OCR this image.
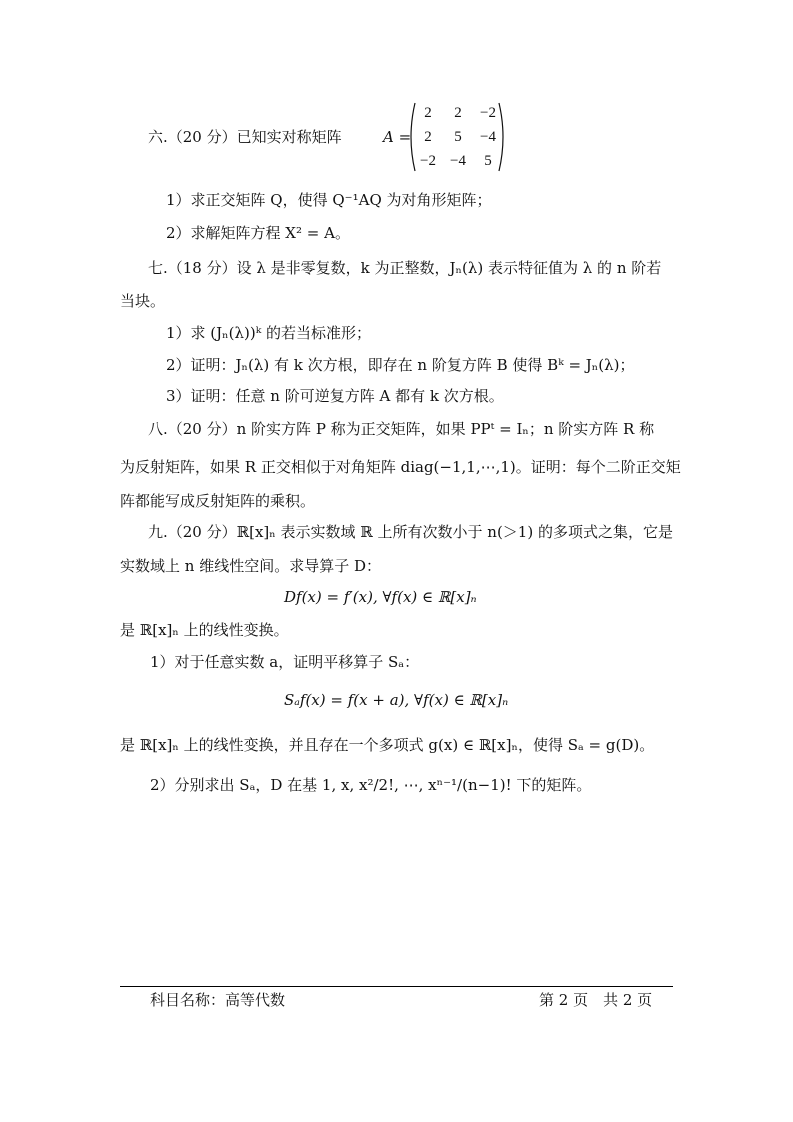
六.（20 分）已知实对称矩阵	A =
2	2	−2
2	5	−4
−2 −4	5
1）求正交矩阵 Q，使得 Q⁻¹AQ 为对角形矩阵；
2）求解矩阵方程 X² = A。
七.（18 分）设 λ 是非零复数，k 为正整数，Jₙ(λ) 表示特征值为 λ 的 n 阶若
当块。
1）求 (Jₙ(λ))ᵏ 的若当标准形；
2）证明：Jₙ(λ) 有 k 次方根，即存在 n 阶复方阵 B 使得 Bᵏ = Jₙ(λ)；
3）证明：任意 n 阶可逆复方阵 A 都有 k 次方根。
八.（20 分）n 阶实方阵 P 称为正交矩阵，如果 PPᵗ = Iₙ；n 阶实方阵 R 称
为反射矩阵，如果 R 正交相似于对角矩阵 diag(−1,1,⋯,1)。证明：每个二阶正交矩
阵都能写成反射矩阵的乘积。
九.（20 分）ℝ[x]ₙ 表示实数域 ℝ 上所有次数小于 n(＞1) 的多项式之集，它是
实数域上 n 维线性空间。求导算子 D：
Df(x) = f′(x), ∀f(x) ∈ ℝ[x]ₙ
是 ℝ[x]ₙ 上的线性变换。
1）对于任意实数 a，证明平移算子 Sₐ：
Sₐf(x) = f(x + a), ∀f(x) ∈ ℝ[x]ₙ
是 ℝ[x]ₙ 上的线性变换，并且存在一个多项式 g(x) ∈ ℝ[x]ₙ，使得 Sₐ = g(D)。
2）分别求出 Sₐ，D 在基 1, x, x²/2!, ⋯, xⁿ⁻¹/(n−1)! 下的矩阵。
科目名称：高等代数	第 2 页　共 2 页
